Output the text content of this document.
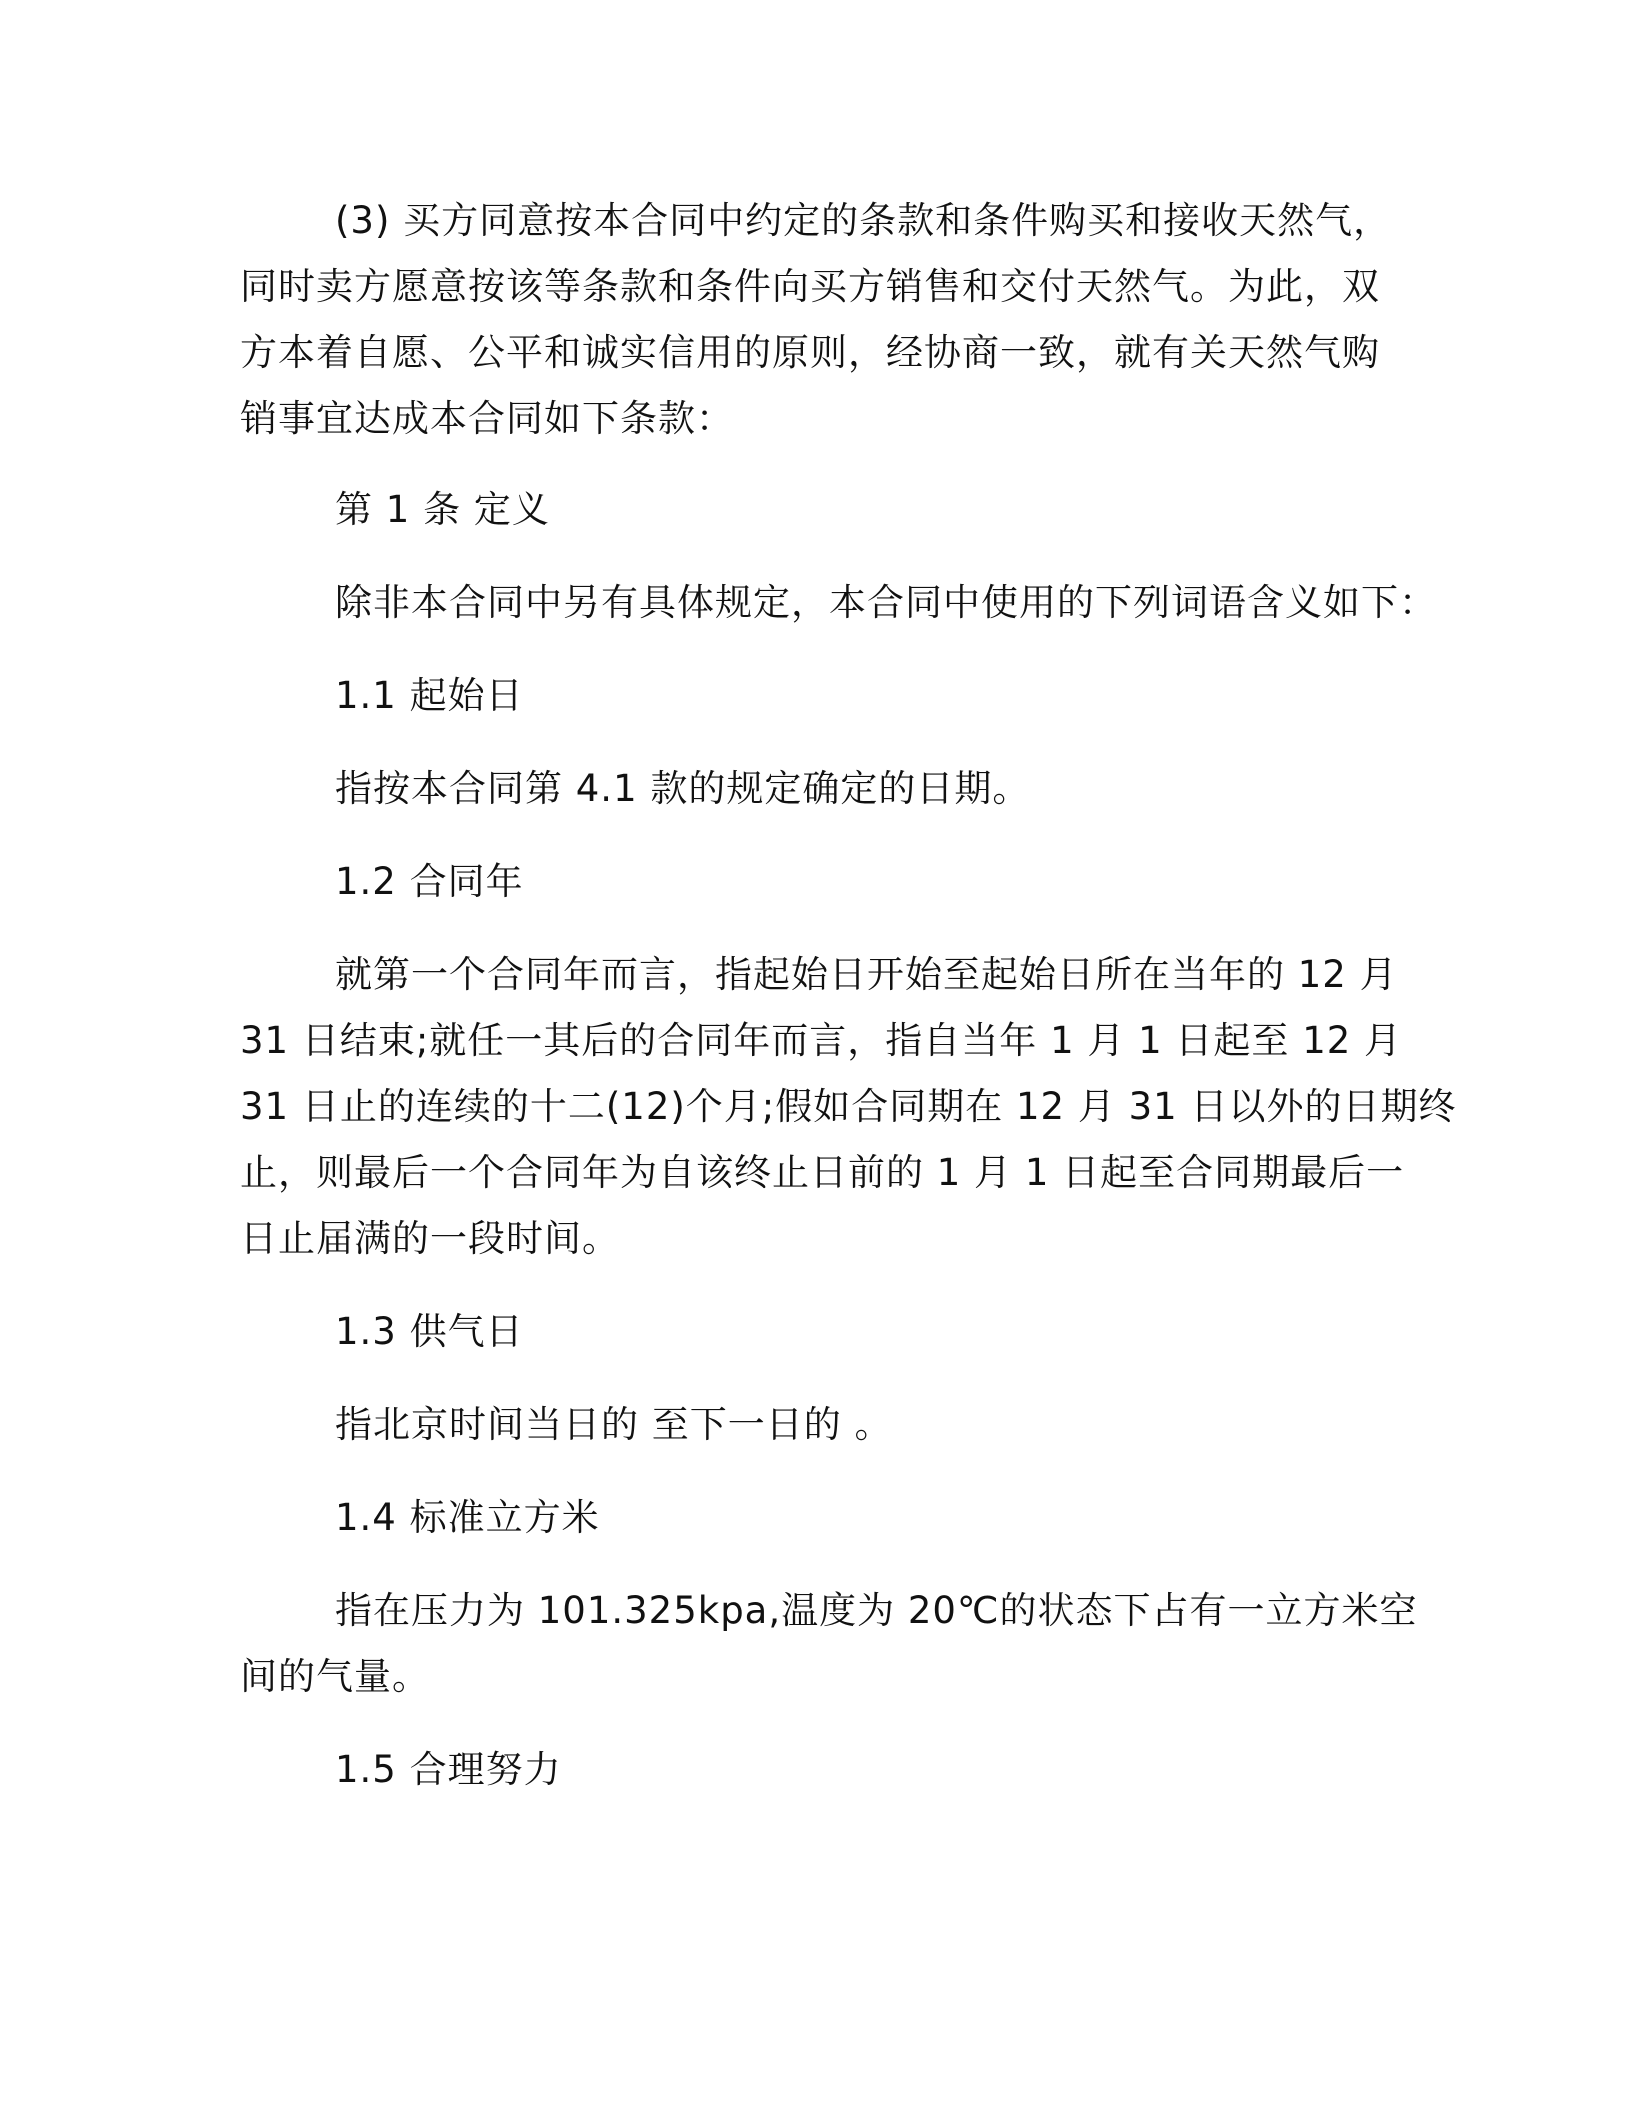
(3) 买方同意按本合同中约定的条款和条件购买和接收天然气，
同时卖方愿意按该等条款和条件向买方销售和交付天然气。为此，双
方本着自愿、公平和诚实信用的原则，经协商一致，就有关天然气购
销事宜达成本合同如下条款：
第 1 条 定义
除非本合同中另有具体规定，本合同中使用的下列词语含义如下：
1.1 起始日
指按本合同第 4.1 款的规定确定的日期。
1.2 合同年
就第一个合同年而言，指起始日开始至起始日所在当年的 12 月
31 日结束;就任一其后的合同年而言，指自当年 1 月 1 日起至 12 月
31 日止的连续的十二(12)个月;假如合同期在 12 月 31 日以外的日期终
止，则最后一个合同年为自该终止日前的 1 月 1 日起至合同期最后一
日止届满的一段时间。
1.3 供气日
指北京时间当日的 至下一日的 。
1.4 标准立方米
指在压力为 101.325kpa,温度为 20℃的状态下占有一立方米空
间的气量。
1.5 合理努力
